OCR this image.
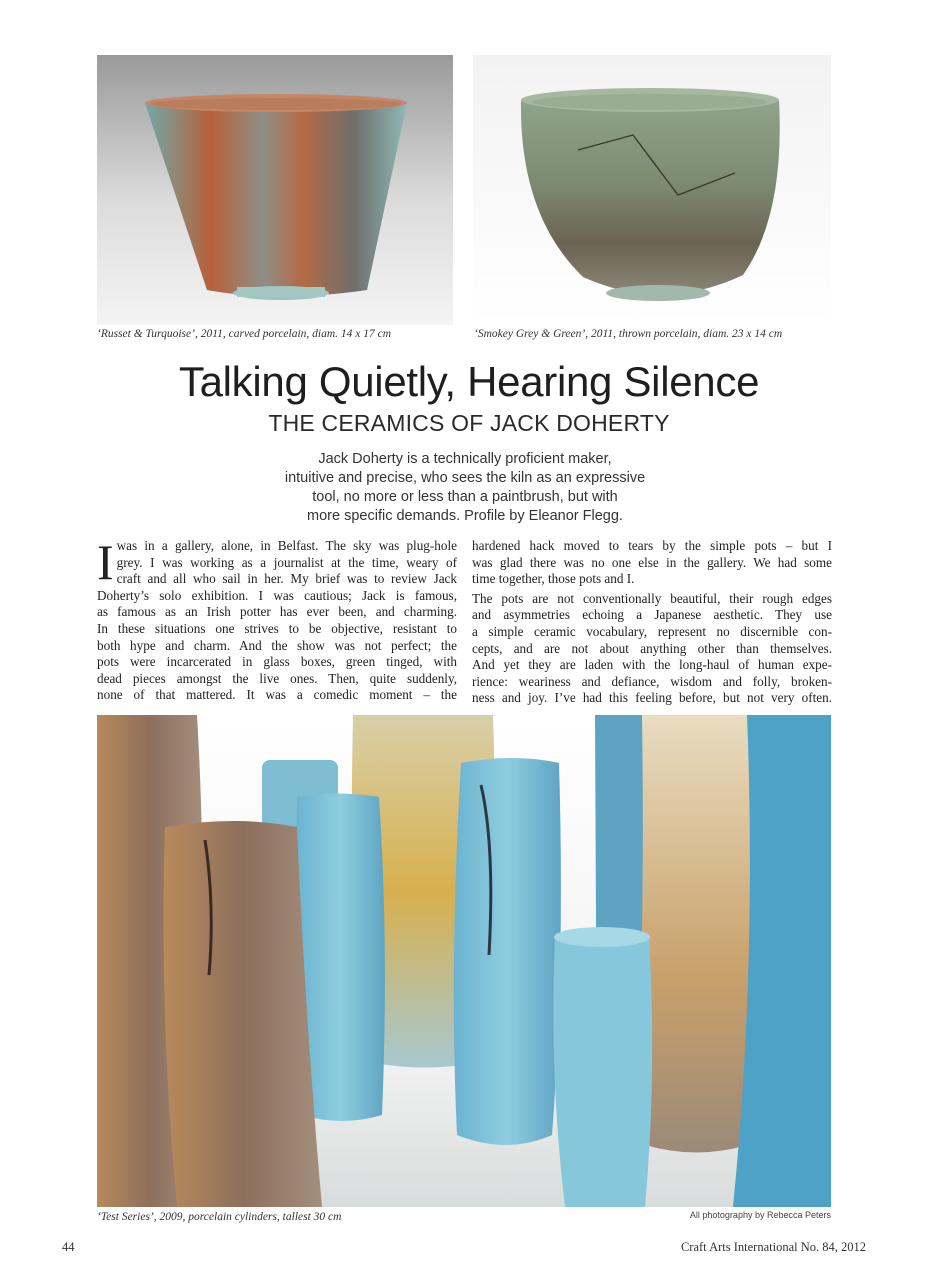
‘Russet & Turquoise’, 2011, carved porcelain, diam. 14 x 17 cm	‘Smokey Grey & Green’, 2011, thrown porcelain, diam. 23 x 14 cm
Talking Quietly, Hearing Silence
THE CERAMICS OF JACK DOHERTY
Jack Doherty is a technically proficient maker,
intuitive and precise, who sees the kiln as an expressive
tool, no more or less than a paintbrush, but with
more specific demands. Profile by Eleanor Flegg.
I was in a gallery, alone, in Belfast. The sky was plug-hole
grey. I was working as a journalist at the time, weary of
craft and all who sail in her. My brief was to review Jack
Doherty’s solo exhibition. I was cautious; Jack is famous,
as famous as an Irish potter has ever been, and charming.
In these situations one strives to be objective, resistant to
both hype and charm. And the show was not perfect; the
pots were incarcerated in glass boxes, green tinged, with
dead pieces amongst the live ones. Then, quite suddenly,
none of that mattered. It was a comedic moment – the
hardened hack moved to tears by the simple pots – but I
was glad there was no one else in the gallery. We had some
time together, those pots and I.
The pots are not conventionally beautiful, their rough edges
and asymmetries echoing a Japanese aesthetic. They use
a simple ceramic vocabulary, represent no discernible con-
cepts, and are not about anything other than themselves.
And yet they are laden with the long-haul of human expe-
rience: weariness and defiance, wisdom and folly, broken-
ness and joy. I’ve had this feeling before, but not very often.
‘Test Series’, 2009, porcelain cylinders, tallest 30 cm	All photography by Rebecca Peters
44	Craft Arts International No. 84, 2012
